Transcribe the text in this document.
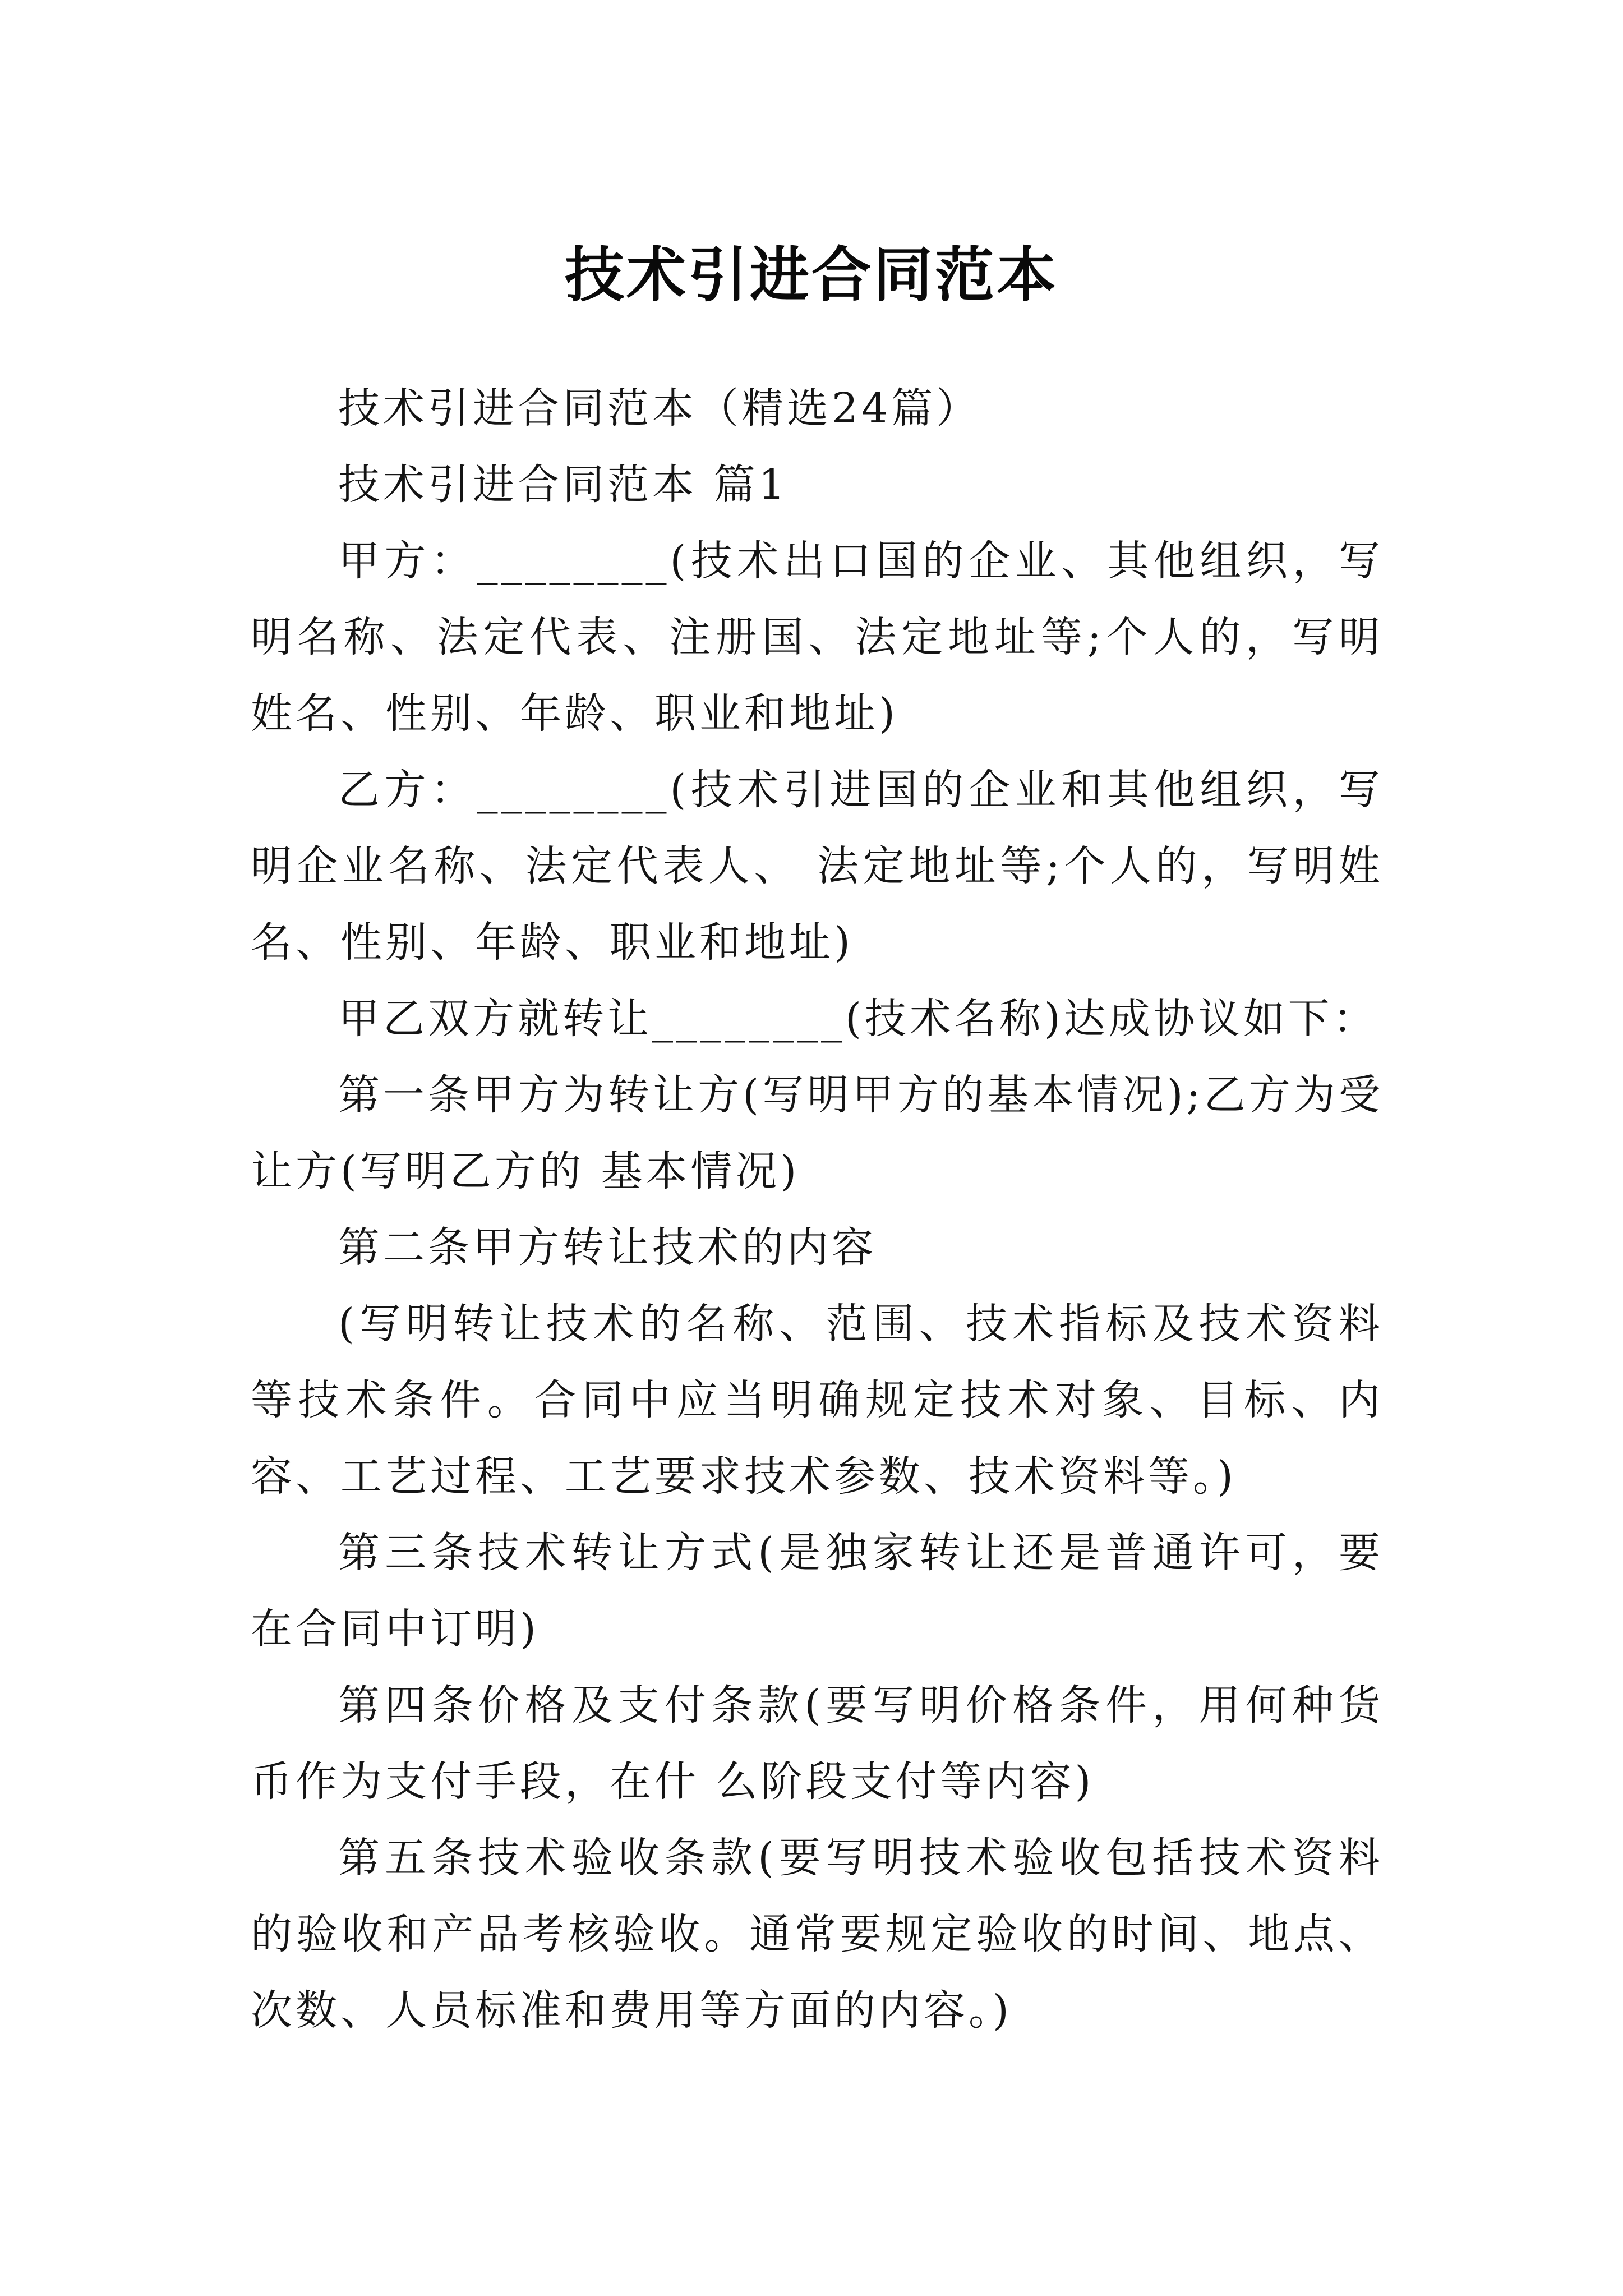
技术引进合同范本

技术引进合同范本（精选24篇）

技术引进合同范本 篇1

甲方：________(技术出口国的企业、其他组织，写明名称、法定代表、注册国、法定地址等;个人的，写明姓名、性别、年龄、职业和地址)

乙方：________(技术引进国的企业和其他组织，写明企业名称、法定代表人、 法定地址等;个人的，写明姓名、性别、年龄、职业和地址)

甲乙双方就转让________(技术名称)达成协议如下：

第一条甲方为转让方(写明甲方的基本情况);乙方为受让方(写明乙方的 基本情况)

第二条甲方转让技术的内容

(写明转让技术的名称、范围、技术指标及技术资料等技术条件。合同中应当明确规定技术对象、目标、内容、工艺过程、工艺要求技术参数、技术资料等。)

第三条技术转让方式(是独家转让还是普通许可，要在合同中订明)

第四条价格及支付条款(要写明价格条件，用何种货币作为支付手段，在什 么阶段支付等内容)

第五条技术验收条款(要写明技术验收包括技术资料的验收和产品考核验收。通常要规定验收的时间、地点、次数、人员标准和费用等方面的内容。)
